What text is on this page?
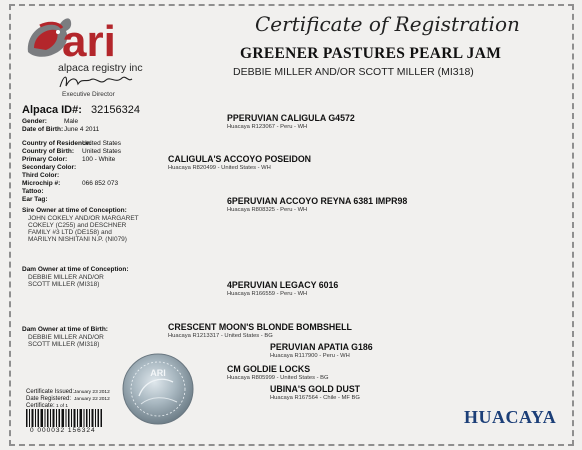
ari
alpaca registry inc
Executive Director
Certificate of Registration
GREENER PASTURES PEARL JAM
DEBBIE MILLER AND/OR SCOTT MILLER (MI318)
Alpaca ID#: 32156324
Gender:	Male
Date of Birth: June 4 2011
Country of Residence:
United States
Country of Birth: United States
Primary Color: 100 - White
Secondary Color:
Third Color:
Microchip #:	066 852 073
Tattoo:
Ear Tag:
Sire Owner at time of Conception:
JOHN COKELY AND/OR MARGARET
COKELY (C255) and DESCHNER
FAMILY #3 LTD (DE158) and
MARILYN NISHITANI N.P. (NI079)
Dam Owner at time of Conception:
DEBBIE MILLER AND/OR
SCOTT MILLER (MI318)
Dam Owner at time of Birth:
DEBBIE MILLER AND/OR
SCOTT MILLER (MI318)
PPERUVIAN CALIGULA G4572
Huacaya R123067 - Peru - WH
CALIGULA'S ACCOYO POSEIDON
Huacaya R820499 - United States - WH
6PERUVIAN ACCOYO REYNA 6381 IMPR98
Huacaya R808325 - Peru - WH
4PERUVIAN LEGACY 6016
Huacaya R166559 - Peru - WH
CRESCENT MOON'S BLONDE BOMBSHELL
Huacaya R1213317 - United States - BG
PERUVIAN APATIA G186
Huacaya R117900 - Peru - WH
CM GOLDIE LOCKS
Huacaya R805999 - United States - BG
UBINA'S GOLD DUST
Huacaya R167564 - Chile - MF BG
ARI
Certificate Issued: January 23 2012
Date Registered: January 22 2012
Certificate: 1 of 1
0 000032 156324
HUACAYA
